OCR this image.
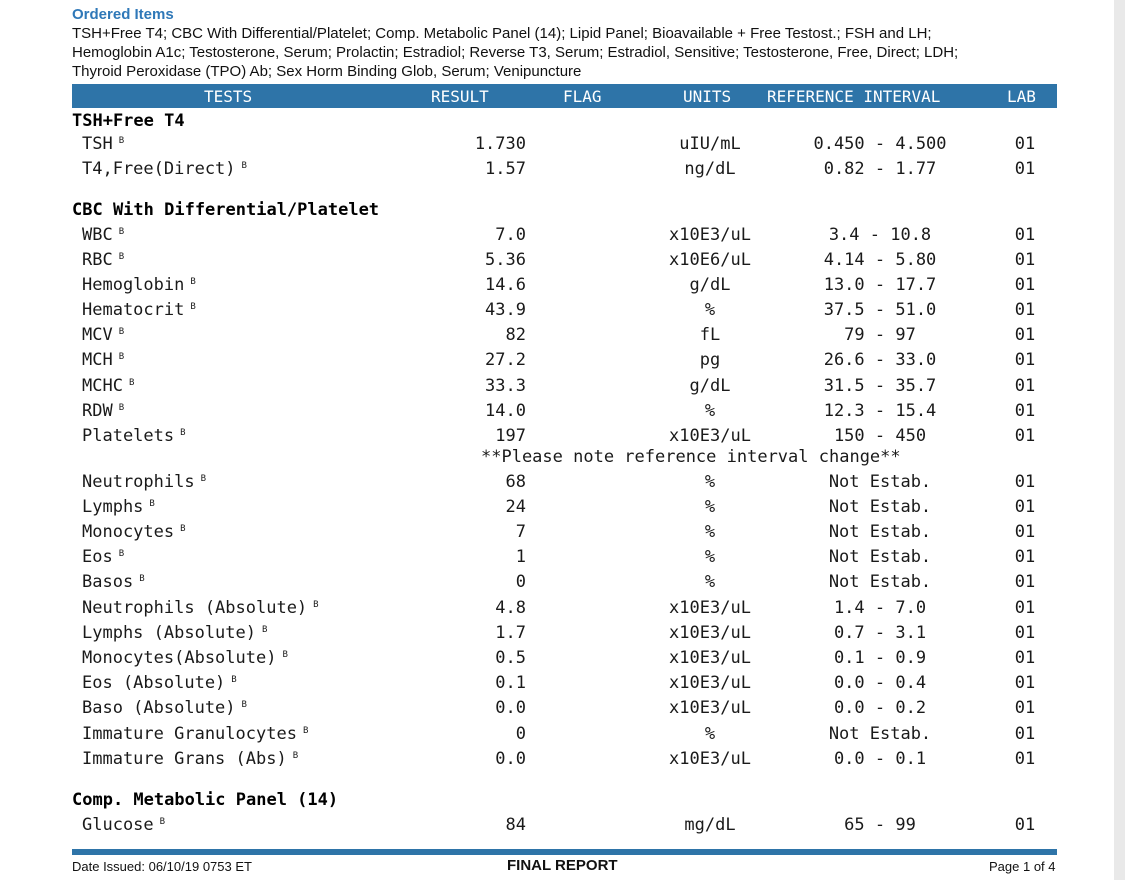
Ordered Items
TSH+Free T4; CBC With Differential/Platelet; Comp. Metabolic Panel (14); Lipid Panel; Bioavailable + Free Testost.; FSH and LH;
Hemoglobin A1c; Testosterone, Serum; Prolactin; Estradiol; Reverse T3, Serum; Estradiol, Sensitive; Testosterone, Free, Direct; LDH;
Thyroid Peroxidase (TPO) Ab; Sex Horm Binding Glob, Serum; Venipuncture
TESTS	RESULT	FLAG	UNITS REFERENCE INTERVAL	LAB
TSH+Free T4
TSH $^B$	1.730	uIU/mL	0.450 - 4.500	01
T4,Free(Direct) $^B$	1.57	ng/dL	0.82 - 1.77	01
CBC With Differential/Platelet
WBC $^B$	7.0	x10E3/uL	3.4 - 10.8	01
RBC $^B$	5.36	x10E6/uL	4.14 - 5.80	01
Hemoglobin $^B$	14.6	g/dL	13.0 - 17.7	01
Hematocrit $^B$	43.9	%	37.5 - 51.0	01
MCV $^B$	82	fL	79 - 97	01
MCH $^B$	27.2	pg	26.6 - 33.0	01
MCHC $^B$	33.3	g/dL	31.5 - 35.7	01
RDW $^B$	14.0	%	12.3 - 15.4	01
Platelets $^B$	197	x10E3/uL	150 - 450	01
**Please note reference interval change**
Neutrophils $^B$	68	%	Not Estab.	01
Lymphs $^B$	24	%	Not Estab.	01
Monocytes $^B$	7	%	Not Estab.	01
Eos $^B$	1	%	Not Estab.	01
Basos $^B$	0	%	Not Estab.	01
Neutrophils (Absolute) $^B$	4.8	x10E3/uL	1.4 - 7.0	01
Lymphs (Absolute) $^B$	1.7	x10E3/uL	0.7 - 3.1	01
Monocytes(Absolute) $^B$	0.5	x10E3/uL	0.1 - 0.9	01
Eos (Absolute) $^B$	0.1	x10E3/uL	0.0 - 0.4	01
Baso (Absolute) $^B$	0.0	x10E3/uL	0.0 - 0.2	01
Immature Granulocytes $^B$	0	%	Not Estab.	01
Immature Grans (Abs) $^B$	0.0	x10E3/uL	0.0 - 0.1	01
Comp. Metabolic Panel (14)
Glucose $^B$	84	mg/dL	65 - 99	01
Date Issued: 06/10/19 0753 ET	FINAL REPORT	Page 1 of 4
